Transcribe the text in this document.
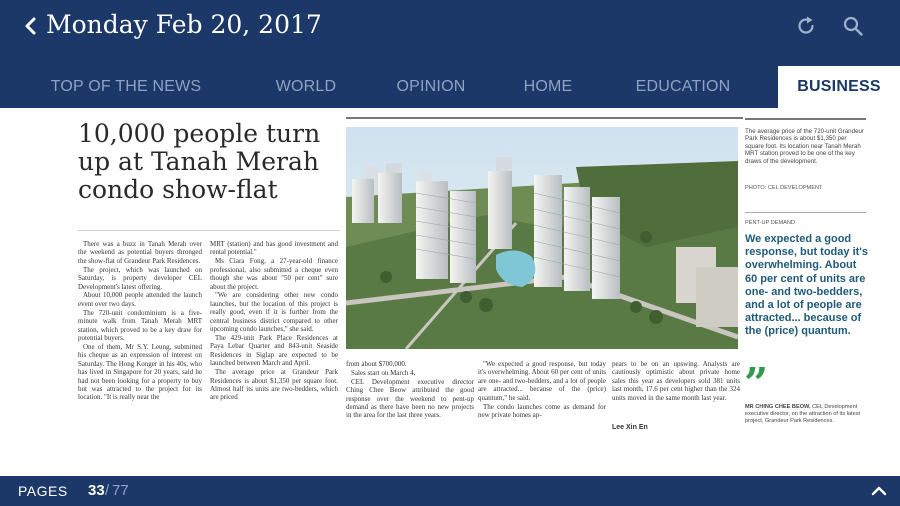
Monday Feb 20, 2017
TOP OF THE NEWS	WORLD	OPINION	HOME	EDUCATION	BUSINESS
10,000 people turn up at Tanah Merah condo show-flat

There was a buzz in Tanah Merah over the weekend as potential buyers thronged the show-flat of Grandeur Park Residences.

The project, which was launched on Saturday, is property developer CEL Development's latest offering.

About 10,000 people attended the launch event over two days.

The 720-unit condominium is a five-minute walk from Tanah Merah MRT station, which proved to be a key draw for potential buyers.

One of them, Mr S.Y. Leung, submitted his cheque as an expression of interest on Saturday. The Hong Konger in his 40s, who has lived in Singapore for 20 years, said he had not been looking for a property to buy but was attracted to the project for its location. "It is really near the

MRT (station) and has good investment and rental potential."

Ms Ciara Fong, a 27-year-old finance professional, also submitted a cheque even though she was about "50 per cent" sure about the project.

"We are considering other new condo launches, but the location of this project is really good, even if it is further from the central business district compared to other upcoming condo launches," she said.

The 429-unit Park Place Residences at Paya Lebar Quarter and 843-unit Seaside Residences in Siglap are expected to be launched between March and April.

The average price at Grandeur Park Residences is about $1,350 per square foot. Almost half its units are two-bedders, which are priced

from about $700,000.

Sales start on March 4.

CEL Development executive director Ching Chee Beow attributed the good response over the weekend to pent-up demand as there have been no new projects in the area for the last three years.

"We expected a good response, but today it's overwhelming. About 60 per cent of units are one- and two-bedders, and a lot of people are attracted... because of the (price) quantum," he said.

The condo launches come as demand for new private homes ap-

pears to be on an upswing. Analysts are cautiously optimistic about private home sales this year as developers sold 381 units last month, 17.6 per cent higher than the 324 units moved in the same month last year.

Lee Xin En
The average price of the 720-unit Grandeur Park Residences is about $1,350 per square foot. Its location near Tanah Merah MRT station proved to be one of the key draws of the development.
PHOTO: CEL DEVELOPMENT
PENT-UP DEMAND
We expected a good response, but today it's overwhelming. About 60 per cent of units are one- and two-bedders, and a lot of people are attracted... because of the (price) quantum.
”
MR CHING CHEE BEOW, CEL Development executive director, on the attraction of its latest project, Grandeur Park Residences.
PAGES 33 / 77
